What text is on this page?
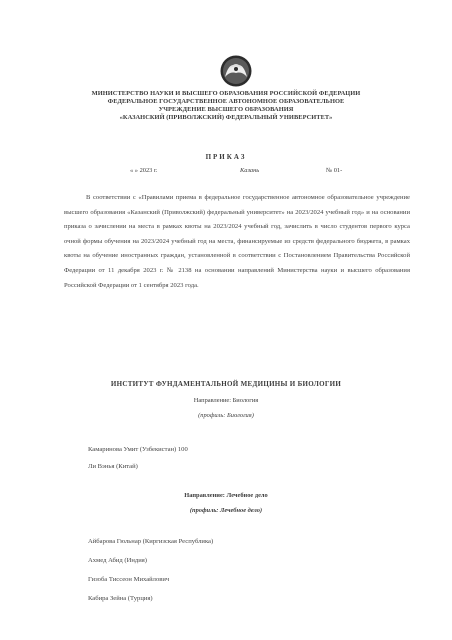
МИНИСТЕРСТВО НАУКИ И ВЫСШЕГО ОБРАЗОВАНИЯ РОССИЙСКОЙ ФЕДЕРАЦИИ
ФЕДЕРАЛЬНОЕ ГОСУДАРСТВЕННОЕ АВТОНОМНОЕ ОБРАЗОВАТЕЛЬНОЕ
УЧРЕЖДЕНИЕ ВЫСШЕГО ОБРАЗОВАНИЯ
«КАЗАНСКИЙ (ПРИВОЛЖСКИЙ) ФЕДЕРАЛЬНЫЙ УНИВЕРСИТЕТ»
ПРИКАЗ
« » 2023 г.	Казань	№ 01-

В соответствии с «Правилами приема в федеральное государственное автономное образовательное учреждение высшего образования «Казанский (Приволжский) федеральный университет» на 2023/2024 учебный год» и на основании приказа о зачислении на места в рамках квоты на 2023/2024 учебный год, зачислить в число студентов первого курса очной формы обучения на 2023/2024 учебный год на места, финансируемые из средств федерального бюджета, в рамках квоты на обучение иностранных граждан, установленной в соответствии с Постановлением Правительства Российской Федерации от 11 декабря 2023 г. № 2138 на основании направлений Министерства науки и высшего образования Российской Федерации от 1 сентября 2023 года.

ИНСТИТУТ ФУНДАМЕНТАЛЬНОЙ МЕДИЦИНЫ И БИОЛОГИИ
Направление: Биология
(профиль: Биология)
Камаринова Умит (Узбекистан) 100
Ли Вэнья (Китай)
Направление: Лечебное дело
(профиль: Лечебное дело)
Айбарова Гюльнар (Киргизская Республика)
Ахмед Абид (Индия)
Гизоба Тиссеон Михайлович
Кабира Зейна (Турция)
